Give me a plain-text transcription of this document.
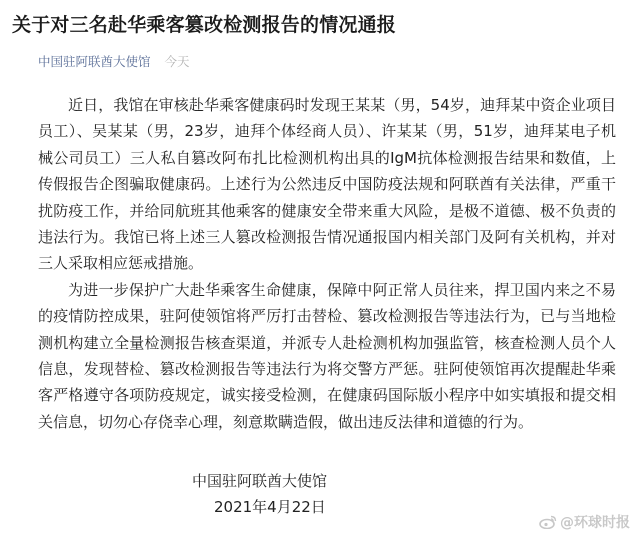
关于对三名赴华乘客篡改检测报告的情况通报
中国驻阿联酋大使馆 今天

近日，我馆在审核赴华乘客健康码时发现王某某（男，54岁，迪拜某中资企业项目员工）、吴某某（男，23岁，迪拜个体经商人员）、许某某（男，51岁，迪拜某电子机械公司员工）三人私自篡改阿布扎比检测机构出具的IgM抗体检测报告结果和数值，上传假报告企图骗取健康码。上述行为公然违反中国防疫法规和阿联酋有关法律，严重干扰防疫工作，并给同航班其他乘客的健康安全带来重大风险，是极不道德、极不负责的违法行为。我馆已将上述三人篡改检测报告情况通报国内相关部门及阿有关机构，并对三人采取相应惩戒措施。

为进一步保护广大赴华乘客生命健康，保障中阿正常人员往来，捍卫国内来之不易的疫情防控成果，驻阿使领馆将严厉打击替检、篡改检测报告等违法行为，已与当地检测机构建立全量检测报告核查渠道，并派专人赴检测机构加强监管，核查检测人员个人信息，发现替检、篡改检测报告等违法行为将交警方严惩。驻阿使领馆再次提醒赴华乘客严格遵守各项防疫规定，诚实接受检测，在健康码国际版小程序中如实填报和提交相关信息，切勿心存侥幸心理，刻意欺瞒造假，做出违反法律和道德的行为。

中国驻阿联酋大使馆
2021年4月22日
@环球时报
